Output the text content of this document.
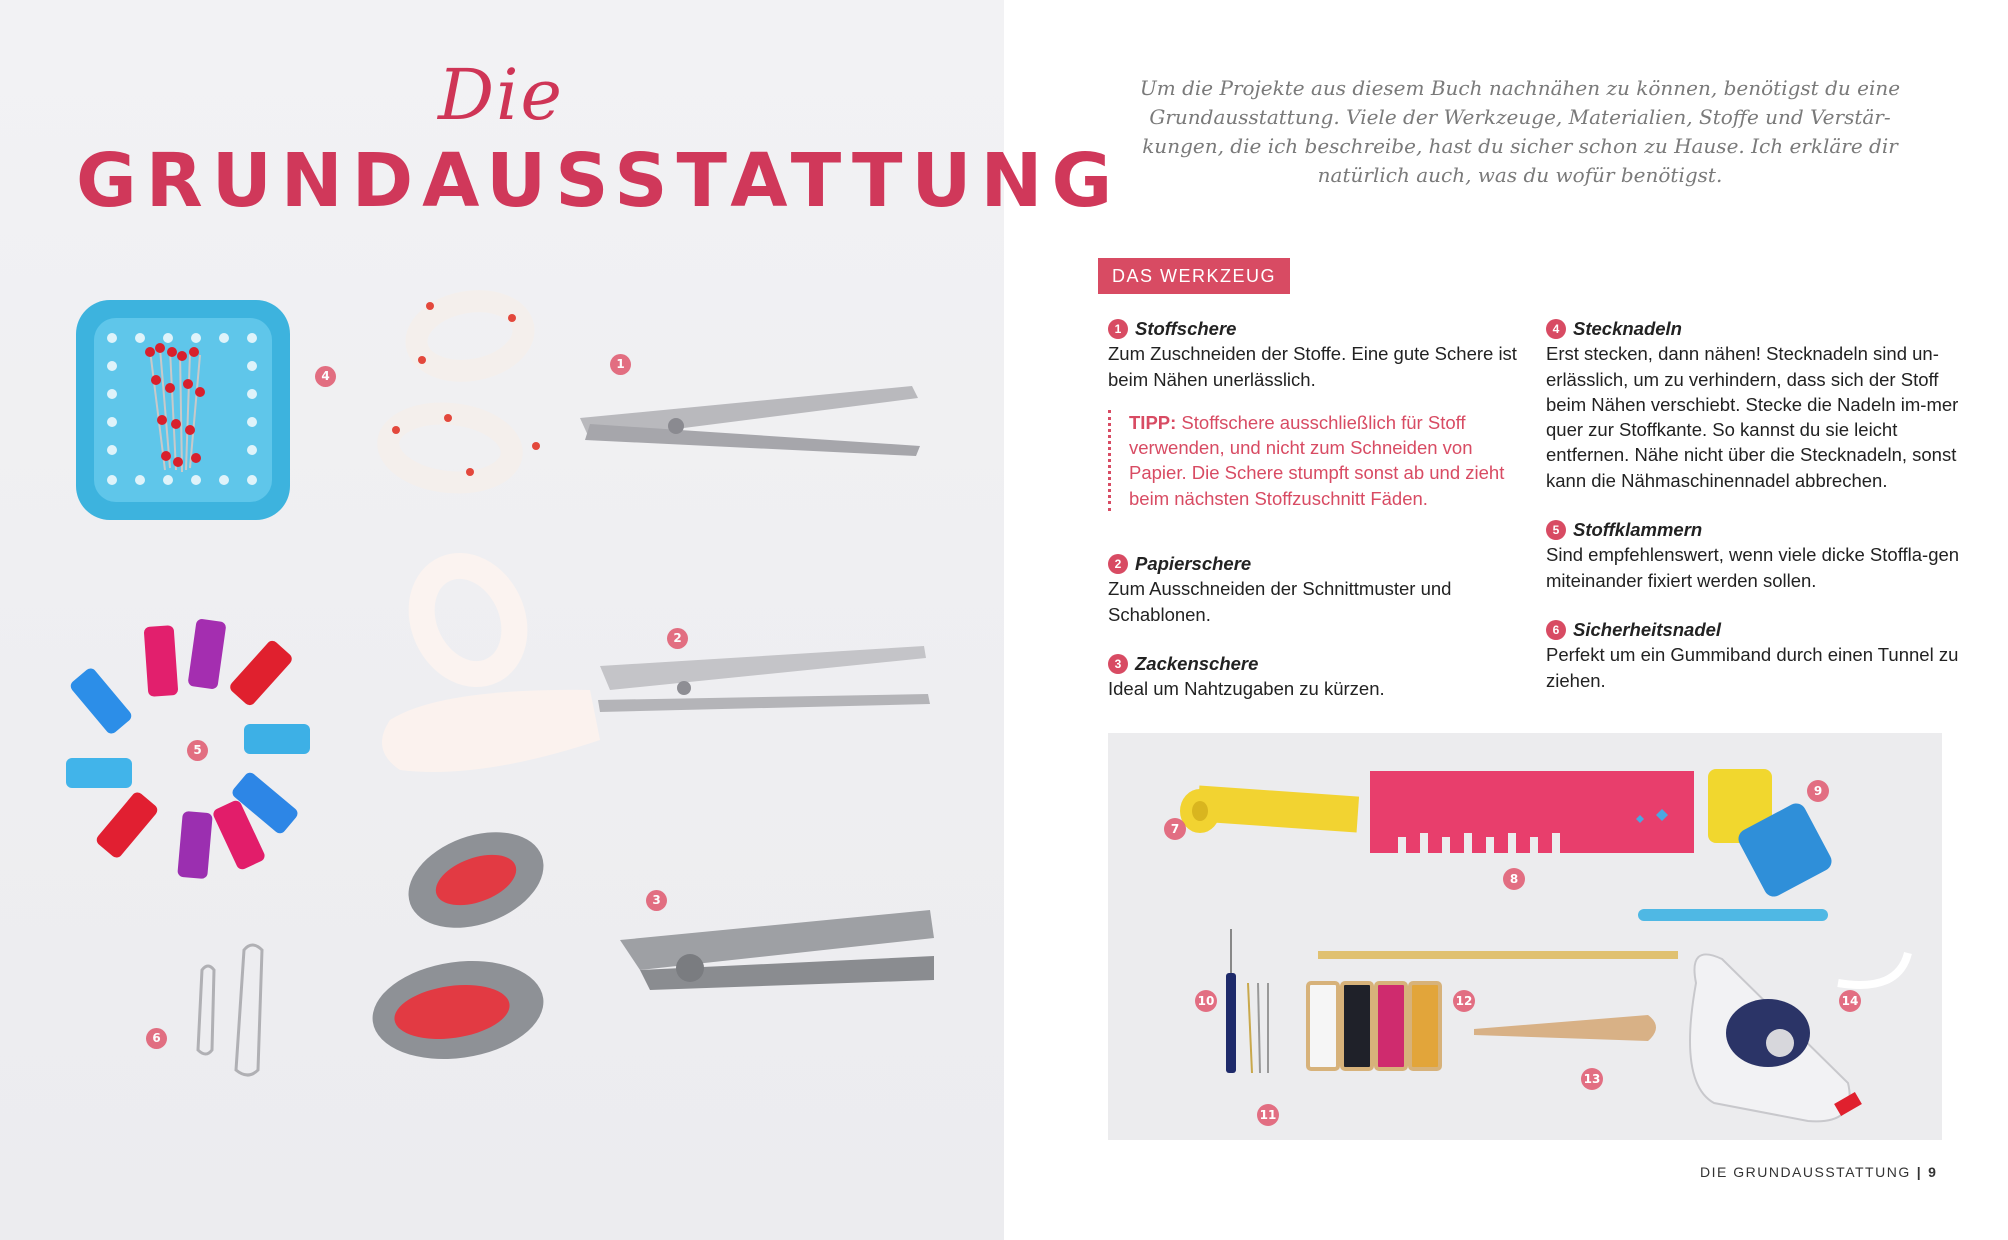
Die
GRUNDAUSSTATTUNG
1
2
3
4
5
6
Um die Projekte aus diesem Buch nachnähen zu können, benötigst du eine Grundausstattung. Viele der Werkzeuge, Materialien, Stoffe und Verstär-kungen, die ich beschreibe, hast du sicher schon zu Hause. Ich erkläre dir natürlich auch, was du wofür benötigst.
DAS WERKZEUG
1 Stoffschere
Zum Zuschneiden der Stoffe. Eine gute Schere ist beim Nähen unerlässlich.
TIPP: Stoffschere ausschließlich für Stoff verwenden, und nicht zum Schneiden von Papier. Die Schere stumpft sonst ab und zieht beim nächsten Stoffzuschnitt Fäden.
2 Papierschere
Zum Ausschneiden der Schnittmuster und Schablonen.
3 Zackenschere
Ideal um Nahtzugaben zu kürzen.
4 Stecknadeln
Erst stecken, dann nähen! Stecknadeln sind un-erlässlich, um zu verhindern, dass sich der Stoff beim Nähen verschiebt. Stecke die Nadeln im-mer quer zur Stoffkante. So kannst du sie leicht entfernen. Nähe nicht über die Stecknadeln, sonst kann die Nähmaschinennadel abbrechen.
5 Stoffklammern
Sind empfehlenswert, wenn viele dicke Stoffla-gen miteinander fixiert werden sollen.
6 Sicherheitsnadel
Perfekt um ein Gummiband durch einen Tunnel zu ziehen.
7
8
9
10
11
12
13
14
DIE GRUNDAUSSTATTUNG | 9
